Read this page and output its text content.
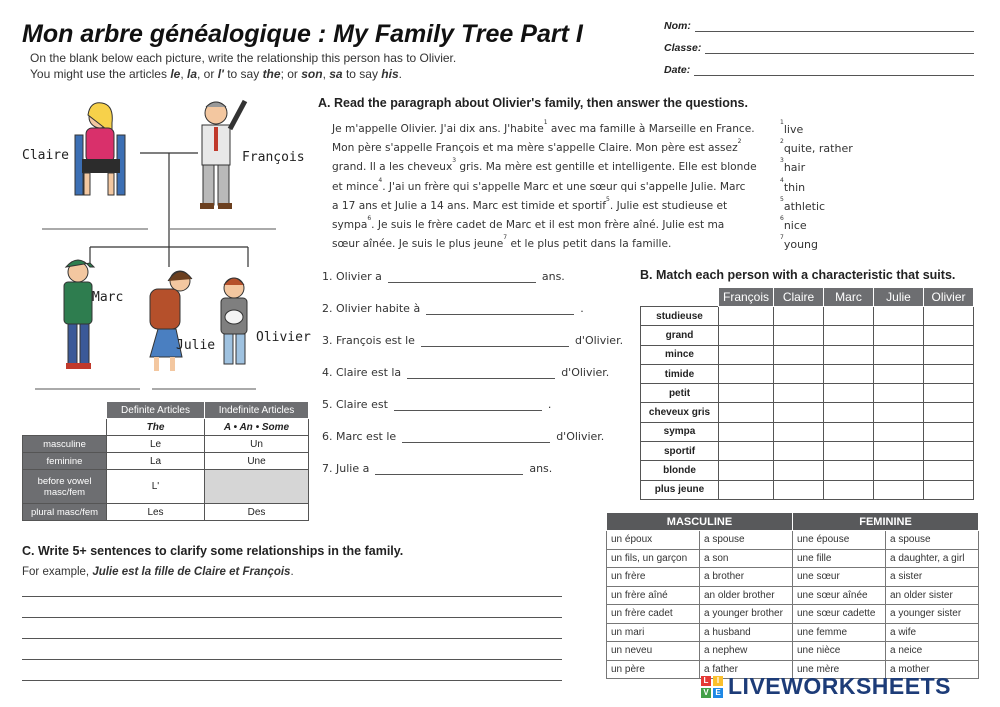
Mon arbre généalogique : My Family Tree Part I
On the blank below each picture, write the relationship this person has to Olivier.
You might use the articles le, la, or l' to say the; or son, sa to say his.
Nom:
Classe:
Date:
Claire	François
Marc
Julie
Olivier
A. Read the paragraph about Olivier's family, then answer the questions.

Je m'appelle Olivier. J'ai dix ans. J'habite$^1$ avec ma famille à Marseille en France.

Mon père s'appelle François et ma mère s'appelle Claire. Mon père est assez$^2$

grand. Il a les cheveux$^3$ gris. Ma mère est gentille et intelligente. Elle est blonde

et mince$^4$. J'ai un frère qui s'appelle Marc et une sœur qui s'appelle Julie. Marc

a 17 ans et Julie a 14 ans. Marc est timide et sportif$^5$. Julie est studieuse et

sympa$^6$. Je suis le frère cadet de Marc et il est mon frère aîné. Julie est ma

sœur aînée. Je suis le plus jeune$^7$ et le plus petit dans la famille.

$^1$live

$^2$quite, rather

$^3$hair

$^4$thin

$^5$athletic

$^6$nice

$^7$young

1. Olivier a	ans.
2. Olivier habite à	.
3. François est le	d'Olivier.
4. Claire est la	d'Olivier.
5. Claire est	.
6. Marc est le	d'Olivier.
7. Julie a	ans.
B. Match each person with a characteristic that suits.
	François	Claire	Marc	Julie	Olivier
studieuse					
grand					
mince					
timide					
petit					
cheveux gris					
sympa					
sportif					
blonde					
plus jeune					
	Definite Articles	Indefinite Articles
	The	A • An • Some
masculine	Le	Un
feminine	La	Une
before vowel masc/fem	L'	
plural masc/fem	Les	Des
C. Write 5+ sentences to clarify some relationships in the family.
For example, Julie est la fille de Claire et François.
MASCULINE		FEMININE	
un époux	a spouse	une épouse	a spouse
un fils, un garçon	a son	une fille	a daughter, a girl
un frère	a brother	une sœur	a sister
un frère aîné	an older brother	une sœur aînée	an older sister
un frère cadet	a younger brother	une sœur cadette	a younger sister
un mari	a husband	une femme	a wife
un neveu	a nephew	une nièce	a neice
un père	a father	une mère	a mother
L	I
V E LIVEWORKSHEETS
